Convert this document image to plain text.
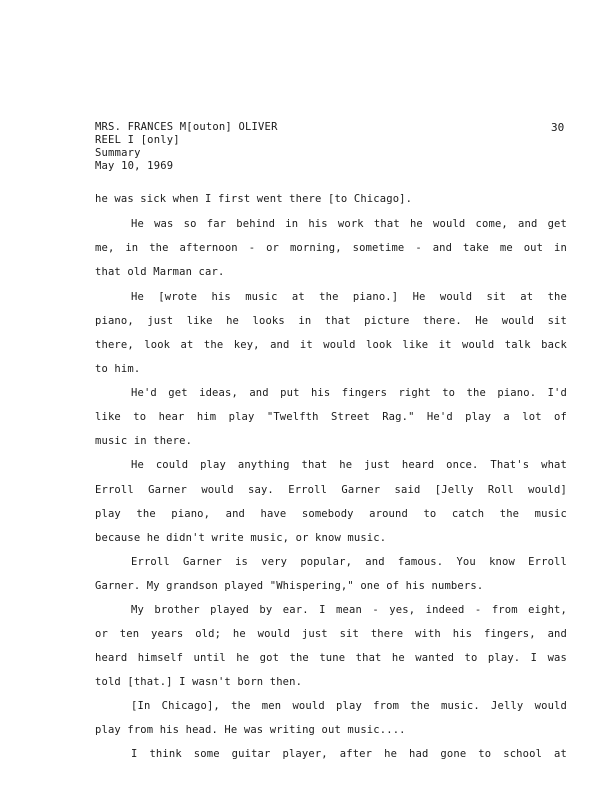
MRS. FRANCES M[outon] OLIVER
REEL I [only]
Summary
May 10, 1969
30
he was sick when I first went there [to Chicago].
He was so far behind in his work that he would come, and get
me, in the afternoon - or morning, sometime - and take me out in
that old Marman car.
He [wrote his music at the piano.] He would sit at the
piano, just like he looks in that picture there. He would sit
there, look at the key, and it would look like it would talk back
to him.
He'd get ideas, and put his fingers right to the piano. I'd
like to hear him play "Twelfth Street Rag." He'd play a lot of
music in there.
He could play anything that he just heard once. That's what
Erroll Garner would say. Erroll Garner said [Jelly Roll would]
play the piano, and have somebody around to catch the music
because he didn't write music, or know music.
Erroll Garner is very popular, and famous. You know Erroll
Garner. My grandson played "Whispering," one of his numbers.
My brother played by ear. I mean - yes, indeed - from eight,
or ten years old; he would just sit there with his fingers, and
heard himself until he got the tune that he wanted to play. I was
told [that.] I wasn't born then.
[In Chicago], the men would play from the music. Jelly would
play from his head. He was writing out music....
I think some guitar player, after he had gone to school at
